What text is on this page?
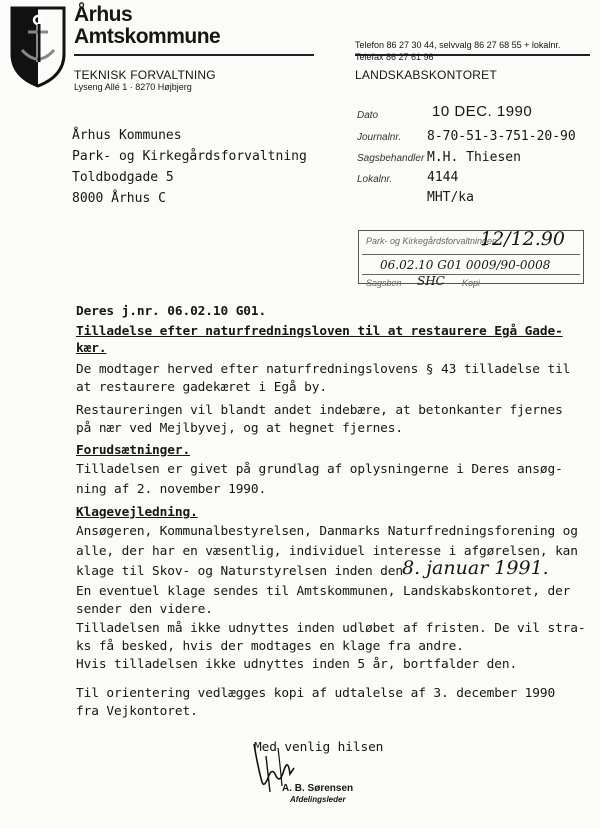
Århus
Amtskommune
TEKNISK FORVALTNING
Lyseng Allé 1 · 8270 Højbjerg
Telefon 86 27 30 44, selvvalg 86 27 68 55 + lokalnr.
Telefax 86 27 61 96
LANDSKABSKONTORET
Århus Kommunes
Park- og Kirkegårdsforvaltning
Toldbodgade 5
8000 Århus C
Dato	10 DEC. 1990
Journalnr. 8-70-51-3-751-20-90
Sagsbehandler M.H. Thiesen
Lokalnr.	4144
MHT/ka
Park- og Kirkegårdsforvaltningen
12/12.90
06.02.10 G01 0009/90-0008
Sagsben SHC Kopi
Deres j.nr. 06.02.10 G01.
Tilladelse efter naturfredningsloven til at restaurere Egå Gade-
kær.
De modtager herved efter naturfredningslovens § 43 tilladelse til
at restaurere gadekæret i Egå by.
Restaureringen vil blandt andet indebære, at betonkanter fjernes
på nær ved Mejlbyvej, og at hegnet fjernes.
Forudsætninger.
Tilladelsen er givet på grundlag af oplysningerne i Deres ansøg-
ning af 2. november 1990.
Klagevejledning.
Ansøgeren, Kommunalbestyrelsen, Danmarks Naturfredningsforening og
alle, der har en væsentlig, individuel interesse i afgørelsen, kan
klage til Skov- og Naturstyrelsen inden den 8. januar 1991.
En eventuel klage sendes til Amtskommunen, Landskabskontoret, der
sender den videre.
Tilladelsen må ikke udnyttes inden udløbet af fristen. De vil stra-
ks få besked, hvis der modtages en klage fra andre.
Hvis tilladelsen ikke udnyttes inden 5 år, bortfalder den.
Til orientering vedlægges kopi af udtalelse af 3. december 1990
fra Vejkontoret.
Med venlig hilsen
A. B. Sørensen
Afdelingsleder
